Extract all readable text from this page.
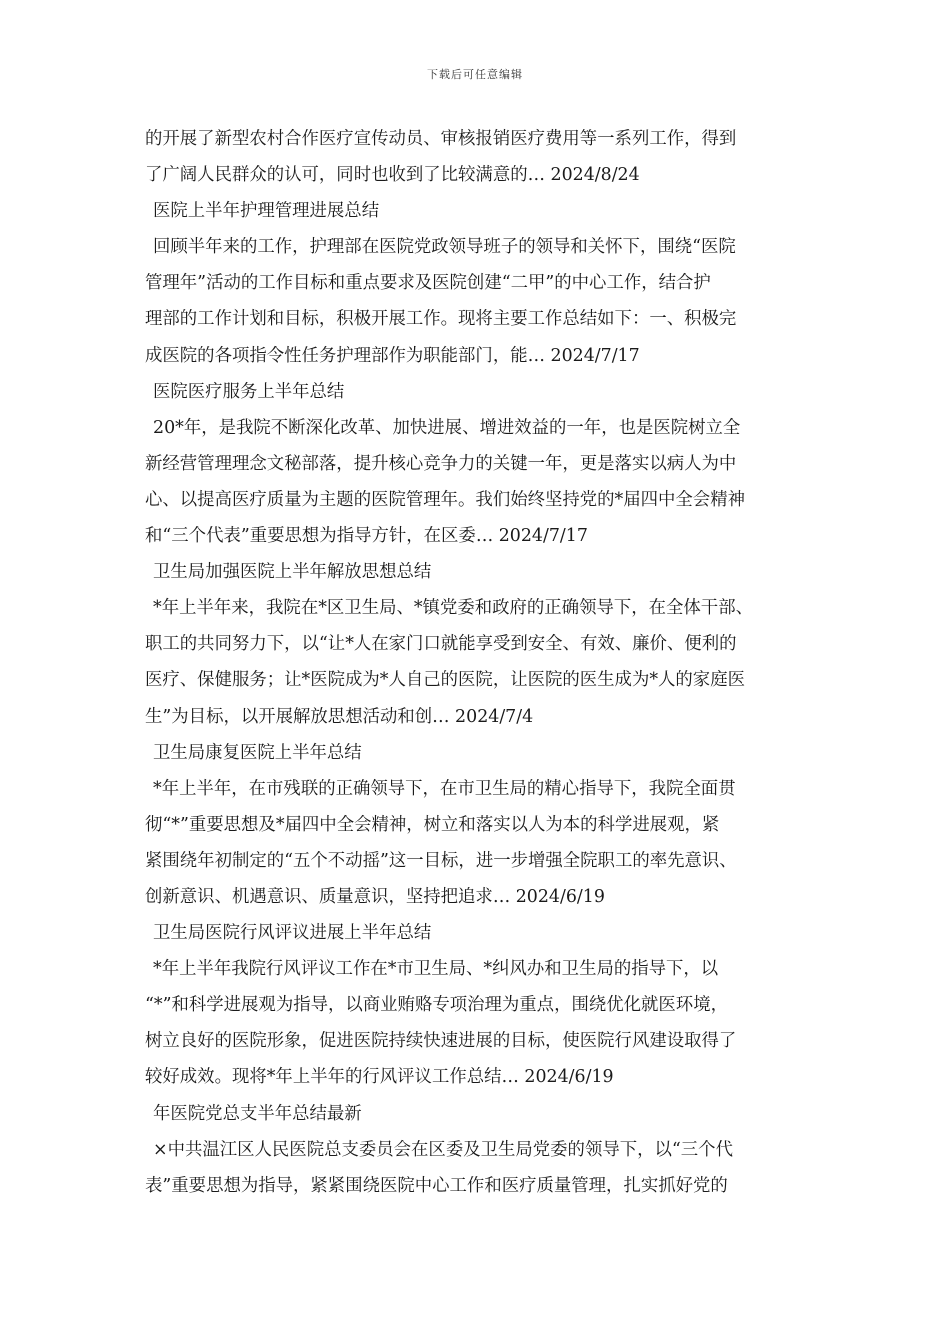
下载后可任意编辑
的开展了新型农村合作医疗宣传动员、审核报销医疗费用等一系列工作，得到
了广阔人民群众的认可，同时也收到了比较满意的… 2024/8/24
医院上半年护理管理进展总结
回顾半年来的工作，护理部在医院党政领导班子的领导和关怀下，围绕“医院
管理年”活动的工作目标和重点要求及医院创建“二甲”的中心工作，结合护
理部的工作计划和目标，积极开展工作。现将主要工作总结如下：一、积极完
成医院的各项指令性任务护理部作为职能部门，能… 2024/7/17
医院医疗服务上半年总结
20*年，是我院不断深化改革、加快进展、增进效益的一年，也是医院树立全
新经营管理理念文秘部落，提升核心竞争力的关键一年，更是落实以病人为中
心、以提高医疗质量为主题的医院管理年。我们始终坚持党的*届四中全会精神
和“三个代表”重要思想为指导方针，在区委… 2024/7/17
卫生局加强医院上半年解放思想总结
*年上半年来，我院在*区卫生局、*镇党委和政府的正确领导下，在全体干部、
职工的共同努力下，以“让*人在家门口就能享受到安全、有效、廉价、便利的
医疗、保健服务；让*医院成为*人自己的医院，让医院的医生成为*人的家庭医
生”为目标，以开展解放思想活动和创… 2024/7/4
卫生局康复医院上半年总结
*年上半年，在市残联的正确领导下，在市卫生局的精心指导下，我院全面贯
彻“*”重要思想及*届四中全会精神，树立和落实以人为本的科学进展观，紧
紧围绕年初制定的“五个不动摇”这一目标，进一步增强全院职工的率先意识、
创新意识、机遇意识、质量意识，坚持把追求… 2024/6/19
卫生局医院行风评议进展上半年总结
*年上半年我院行风评议工作在*市卫生局、*纠风办和卫生局的指导下，以
“*”和科学进展观为指导，以商业贿赂专项治理为重点，围绕优化就医环境，
树立良好的医院形象，促进医院持续快速进展的目标，使医院行风建设取得了
较好成效。现将*年上半年的行风评议工作总结… 2024/6/19
年医院党总支半年总结最新
×中共温江区人民医院总支委员会在区委及卫生局党委的领导下，以“三个代
表”重要思想为指导，紧紧围绕医院中心工作和医疗质量管理，扎实抓好党的
